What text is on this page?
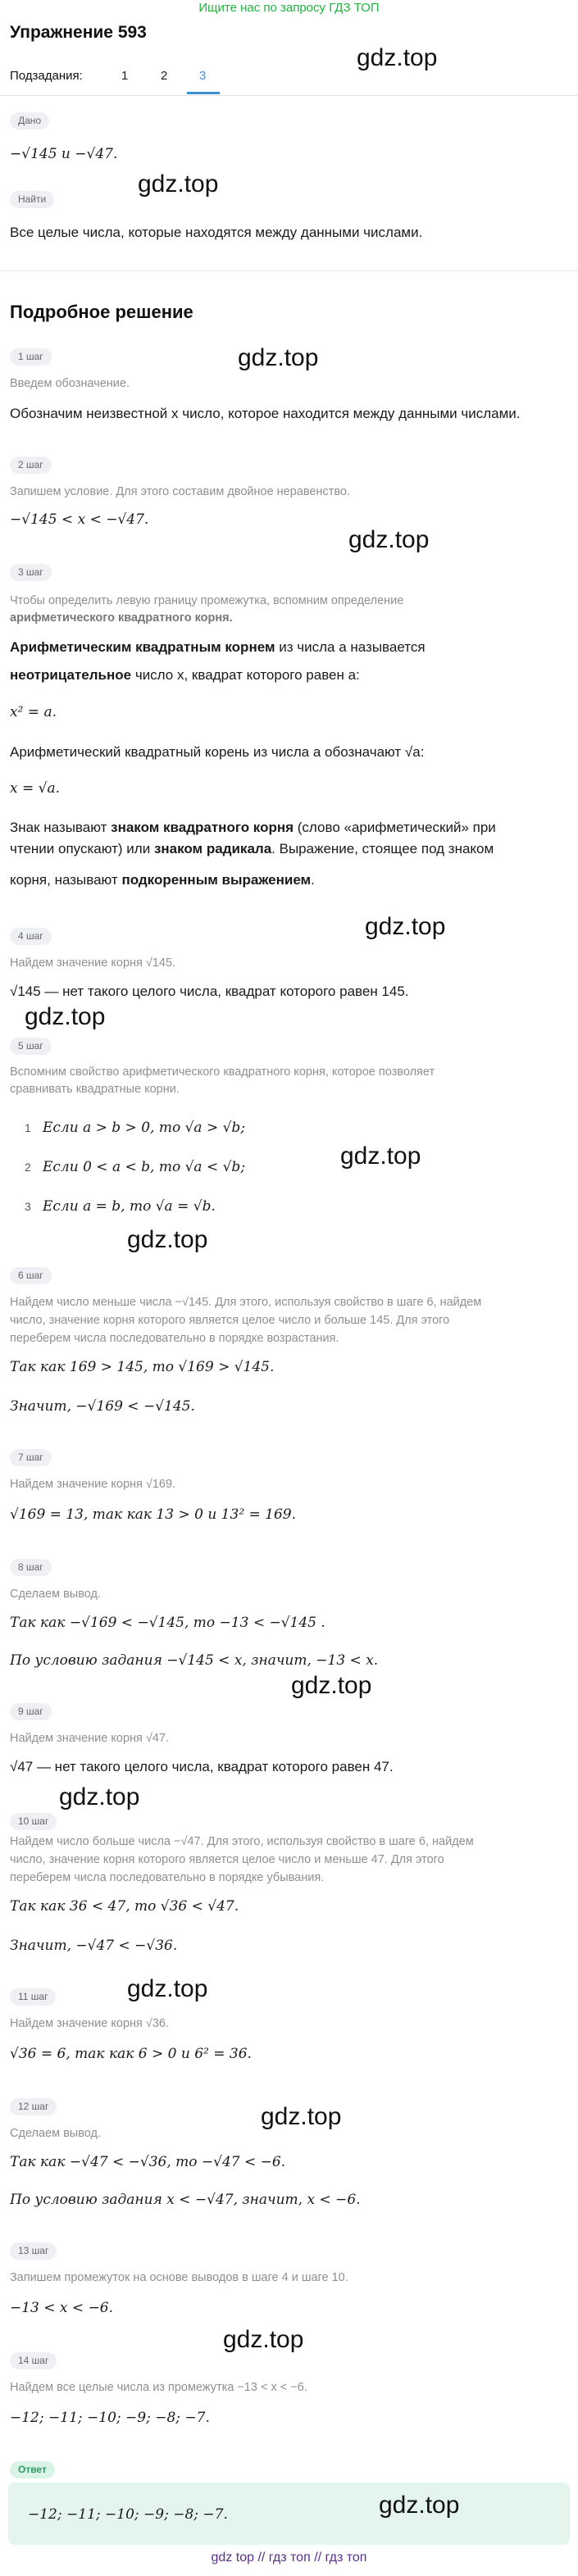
Ищите нас по запросу ГДЗ ТОП
Упражнение 593
Подзадания:	1	2	3
gdz.top
Дано
−√145 и −√47.
Найти
Все целые числа, которые находятся между данными числами.
gdz.top
Подробное решение
1 шаг	gdz.top
Введем обозначение.
Обозначим неизвестной x число, которое находится между данными числами.
2 шаг
Запишем условие. Для этого составим двойное неравенство.
−√145 < x < −√47.
gdz.top
3 шаг
Чтобы определить левую границу промежутка, вспомним определение
арифметического квадратного корня.
Арифметическим квадратным корнем из числа a называется
неотрицательное число x, квадрат которого равен a:
x² = a.
Арифметический квадратный корень из числа a обозначают √a:
x = √a.
Знак называют знаком квадратного корня (слово «арифметический» при
чтении опускают) или знаком радикала. Выражение, стоящее под знаком
корня, называют подкоренным выражением.
gdz.top
4 шаг
Найдем значение корня √145.
√145 — нет такого целого числа, квадрат которого равен 145.
gdz.top
5 шаг
Вспомним свойство арифметического квадратного корня, которое позволяет
сравнивать квадратные корни.
1 Если a > b > 0, то √a > √b;
2 Если 0 < a < b, то √a < √b;
3 Если a = b, то √a = √b.
gdz.top
gdz.top
6 шаг
Найдем число меньше числа −√145. Для этого, используя свойство в шаге 6, найдем
число, значение корня которого является целое число и больше 145. Для этого
переберем числа последовательно в порядке возрастания.
Так как 169 > 145, то √169 > √145.
Значит, −√169 < −√145.
7 шаг
Найдем значение корня √169.
√169 = 13, так как 13 > 0 и 13² = 169.
8 шаг
Сделаем вывод.
Так как −√169 < −√145, то −13 < −√145 .
По условию задания −√145 < x, значит, −13 < x.
gdz.top
9 шаг
Найдем значение корня √47.
√47 — нет такого целого числа, квадрат которого равен 47.
gdz.top
10 шаг
Найдем число больше числа −√47. Для этого, используя свойство в шаге 6, найдем
число, значение корня которого является целое число и меньше 47. Для этого
переберем числа последовательно в порядке убывания.
Так как 36 < 47, то √36 < √47.
Значит, −√47 < −√36.
11 шаг	gdz.top
Найдем значение корня √36.
√36 = 6, так как 6 > 0 и 6² = 36.
12 шаг	gdz.top
Сделаем вывод.
Так как −√47 < −√36, то −√47 < −6.
По условию задания x < −√47, значит, x < −6.
13 шаг
Запишем промежуток на основе выводов в шаге 4 и шаге 10.
−13 < x < −6.
gdz.top
14 шаг
Найдем все целые числа из промежутка −13 < x < −6.
−12; −11; −10; −9; −8; −7.
Ответ
−12; −11; −10; −9; −8; −7.	gdz.top
gdz top // гдз топ // гдз топ
